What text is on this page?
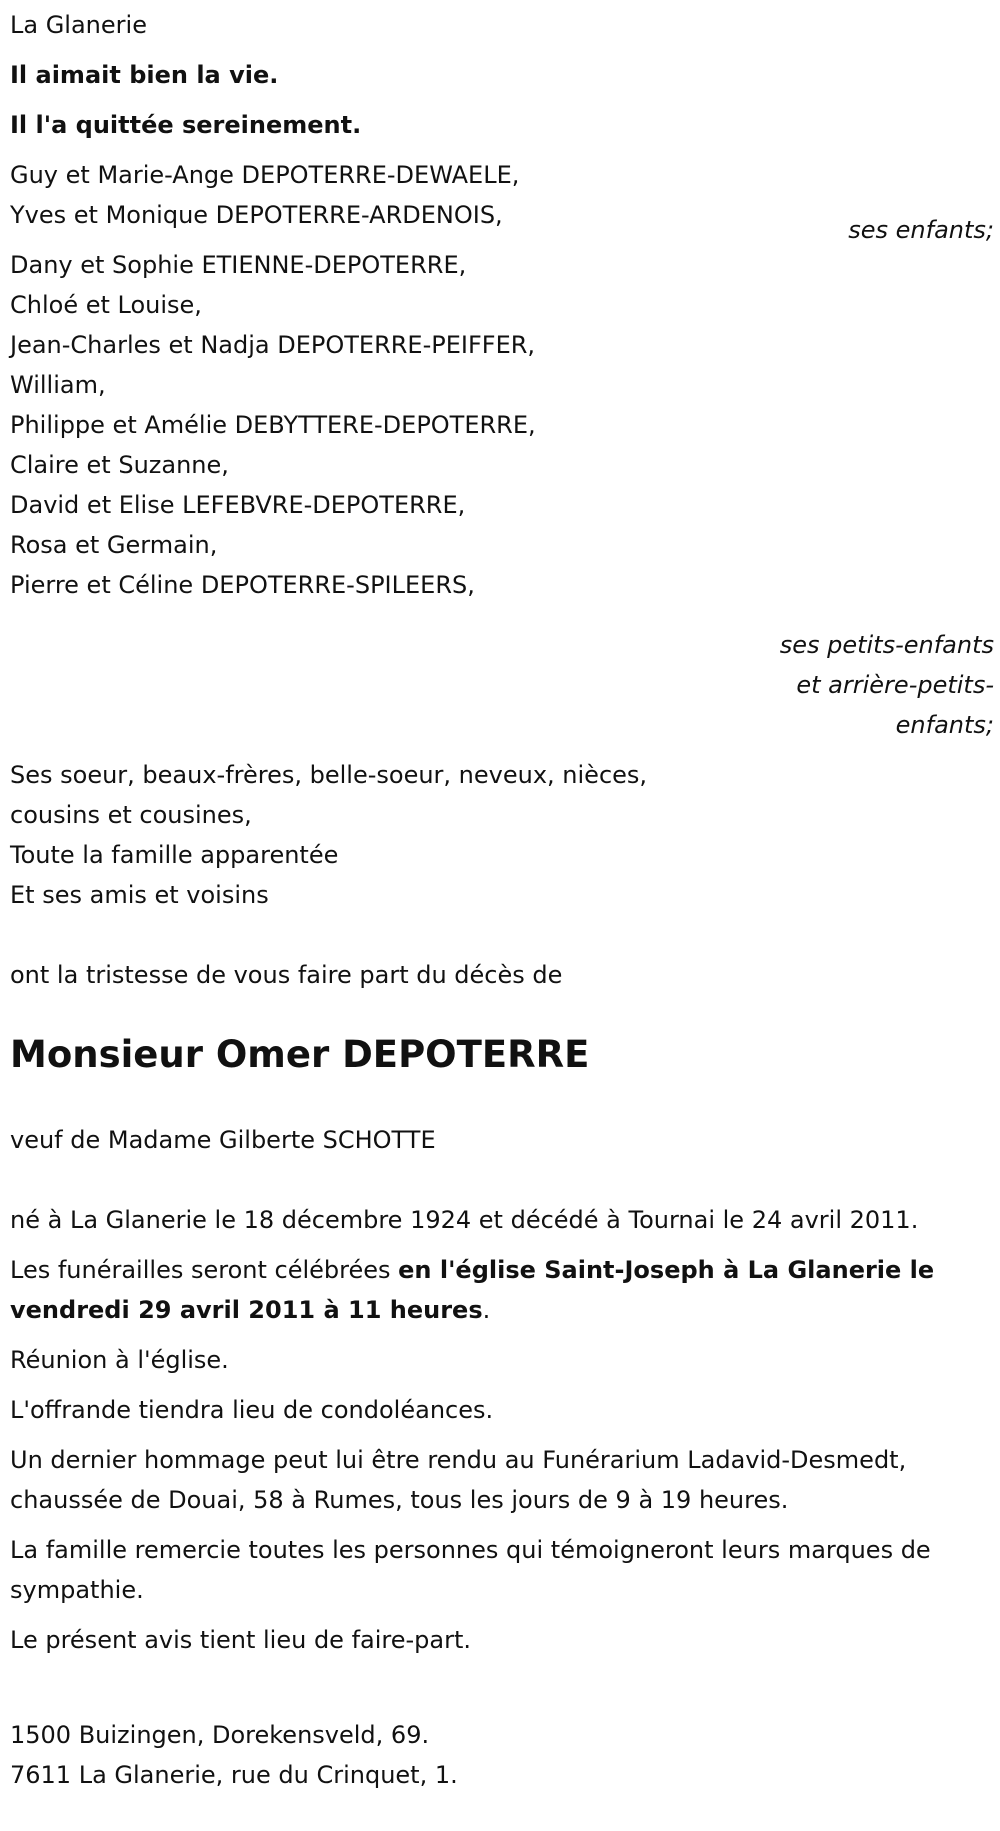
La Glanerie
Il aimait bien la vie.
Il l'a quittée sereinement.
Guy et Marie-Ange DEPOTERRE-DEWAELE,
Yves et Monique DEPOTERRE-ARDENOIS,
ses enfants;
Dany et Sophie ETIENNE-DEPOTERRE,
Chloé et Louise,
Jean-Charles et Nadja DEPOTERRE-PEIFFER,
William,
Philippe et Amélie DEBYTTERE-DEPOTERRE,
Claire et Suzanne,
David et Elise LEFEBVRE-DEPOTERRE,
Rosa et Germain,
Pierre et Céline DEPOTERRE-SPILEERS,
ses petits-enfants
et arrière-petits-
enfants;
Ses soeur, beaux-frères, belle-soeur, neveux, nièces,
cousins et cousines,
Toute la famille apparentée
Et ses amis et voisins
ont la tristesse de vous faire part du décès de
Monsieur Omer DEPOTERRE
veuf de Madame Gilberte SCHOTTE

né à La Glanerie le 18 décembre 1924 et décédé à Tournai le 24 avril 2011.

Les funérailles seront célébrées en l'église Saint-Joseph à La Glanerie le vendredi 29 avril 2011 à 11 heures.

Réunion à l'église.

L'offrande tiendra lieu de condoléances.

Un dernier hommage peut lui être rendu au Funérarium Ladavid-Desmedt, chaussée de Douai, 58 à Rumes, tous les jours de 9 à 19 heures.

La famille remercie toutes les personnes qui témoigneront leurs marques de sympathie.

Le présent avis tient lieu de faire-part.

1500 Buizingen, Dorekensveld, 69.
7611 La Glanerie, rue du Crinquet, 1.
